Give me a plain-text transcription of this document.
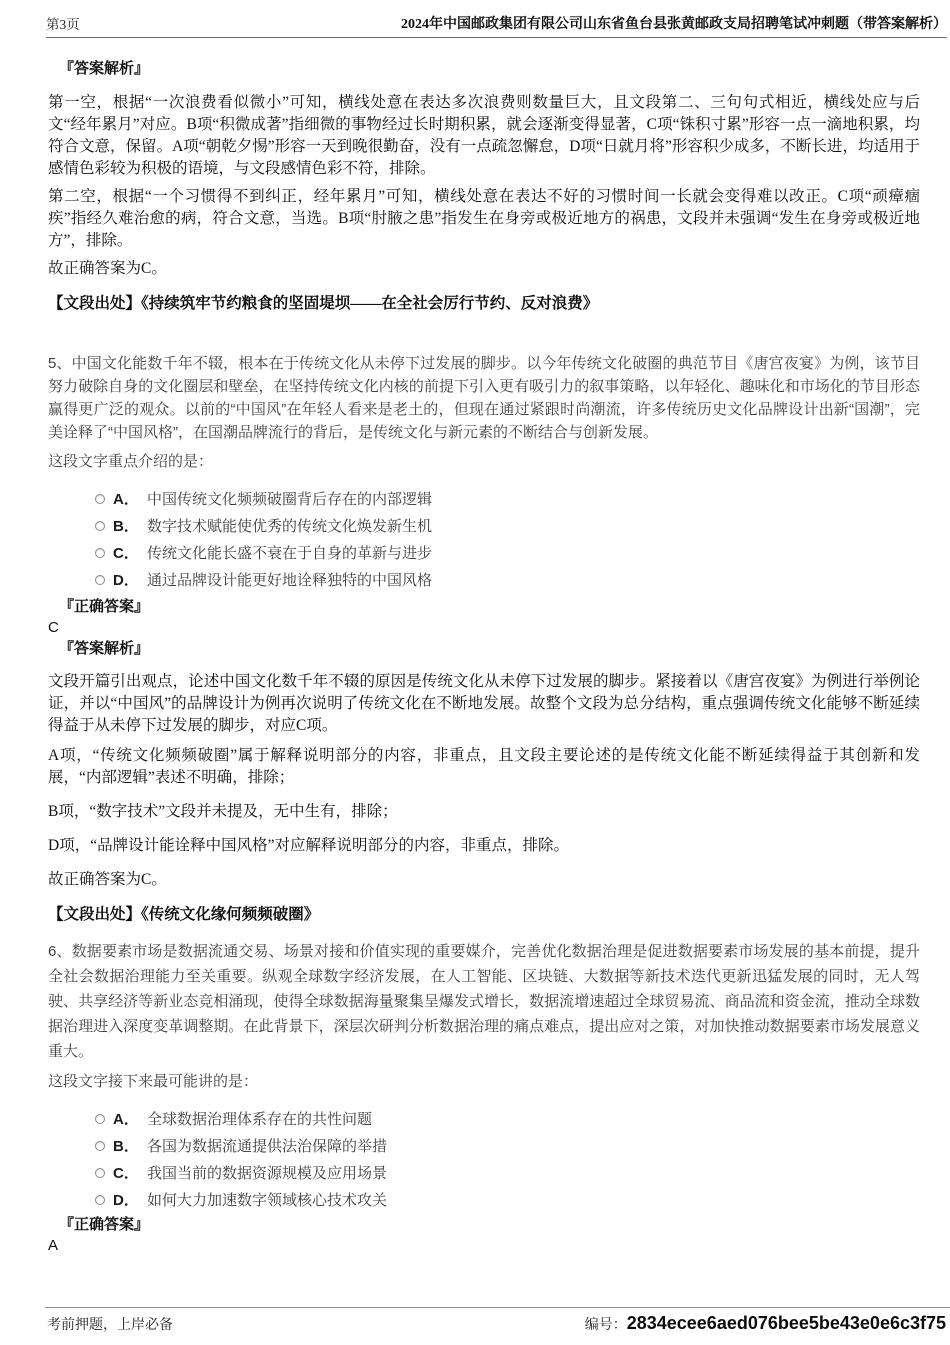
第3页	2024年中国邮政集团有限公司山东省鱼台县张黄邮政支局招聘笔试冲刺题（带答案解析）
『答案解析』

第一空，根据“一次浪费看似微小”可知，横线处意在表达多次浪费则数量巨大，且文段第二、三句句式相近，横线处应与后文“经年累月”对应。B项“积微成著”指细微的事物经过长时期积累，就会逐渐变得显著，C项“铢积寸累”形容一点一滴地积累，均符合文意，保留。A项“朝乾夕惕”形容一天到晚很勤奋，没有一点疏忽懈怠，D项“日就月将”形容积少成多，不断长进，均适用于感情色彩较为积极的语境，与文段感情色彩不符，排除。

第二空，根据“一个习惯得不到纠正，经年累月”可知，横线处意在表达不好的习惯时间一长就会变得难以改正。C项“顽瘴痼疾”指经久难治愈的病，符合文意，当选。B项“肘腋之患”指发生在身旁或极近地方的祸患，文段并未强调“发生在身旁或极近地方”，排除。

故正确答案为C。

【文段出处】《持续筑牢节约粮食的坚固堤坝——在全社会厉行节约、反对浪费》

5、中国文化能数千年不辍，根本在于传统文化从未停下过发展的脚步。以今年传统文化破圈的典范节目《唐宫夜宴》为例，该节目努力破除自身的文化圈层和壁垒，在坚持传统文化内核的前提下引入更有吸引力的叙事策略，以年轻化、趣味化和市场化的节目形态赢得更广泛的观众。以前的“中国风”在年轻人看来是老土的，但现在通过紧跟时尚潮流，许多传统历史文化品牌设计出新“国潮”，完美诠释了“中国风格”，在国潮品牌流行的背后，是传统文化与新元素的不断结合与创新发展。

这段文字重点介绍的是：

A． 中国传统文化频频破圈背后存在的内部逻辑
B． 数字技术赋能使优秀的传统文化焕发新生机
C． 传统文化能长盛不衰在于自身的革新与进步
D． 通过品牌设计能更好地诠释独特的中国风格
『正确答案』
C
『答案解析』

文段开篇引出观点，论述中国文化数千年不辍的原因是传统文化从未停下过发展的脚步。紧接着以《唐宫夜宴》为例进行举例论证，并以“中国风”的品牌设计为例再次说明了传统文化在不断地发展。故整个文段为总分结构，重点强调传统文化能够不断延续得益于从未停下过发展的脚步，对应C项。

A项，“传统文化频频破圈”属于解释说明部分的内容，非重点，且文段主要论述的是传统文化能不断延续得益于其创新和发展，“内部逻辑”表述不明确，排除；

B项，“数字技术”文段并未提及，无中生有，排除；

D项，“品牌设计能诠释中国风格”对应解释说明部分的内容，非重点，排除。

故正确答案为C。

【文段出处】《传统文化缘何频频破圈》

6、数据要素市场是数据流通交易、场景对接和价值实现的重要媒介，完善优化数据治理是促进数据要素市场发展的基本前提，提升全社会数据治理能力至关重要。纵观全球数字经济发展，在人工智能、区块链、大数据等新技术迭代更新迅猛发展的同时，无人驾驶、共享经济等新业态竞相涌现，使得全球数据海量聚集呈爆发式增长，数据流增速超过全球贸易流、商品流和资金流，推动全球数据治理进入深度变革调整期。在此背景下，深层次研判分析数据治理的痛点难点，提出应对之策，对加快推动数据要素市场发展意义重大。

这段文字接下来最可能讲的是：

A． 全球数据治理体系存在的共性问题
B． 各国为数据流通提供法治保障的举措
C． 我国当前的数据资源规模及应用场景
D． 如何大力加速数字领域核心技术攻关
『正确答案』
A
考前押题，上岸必备	编号：2834ecee6aed076bee5be43e0e6c3f75
